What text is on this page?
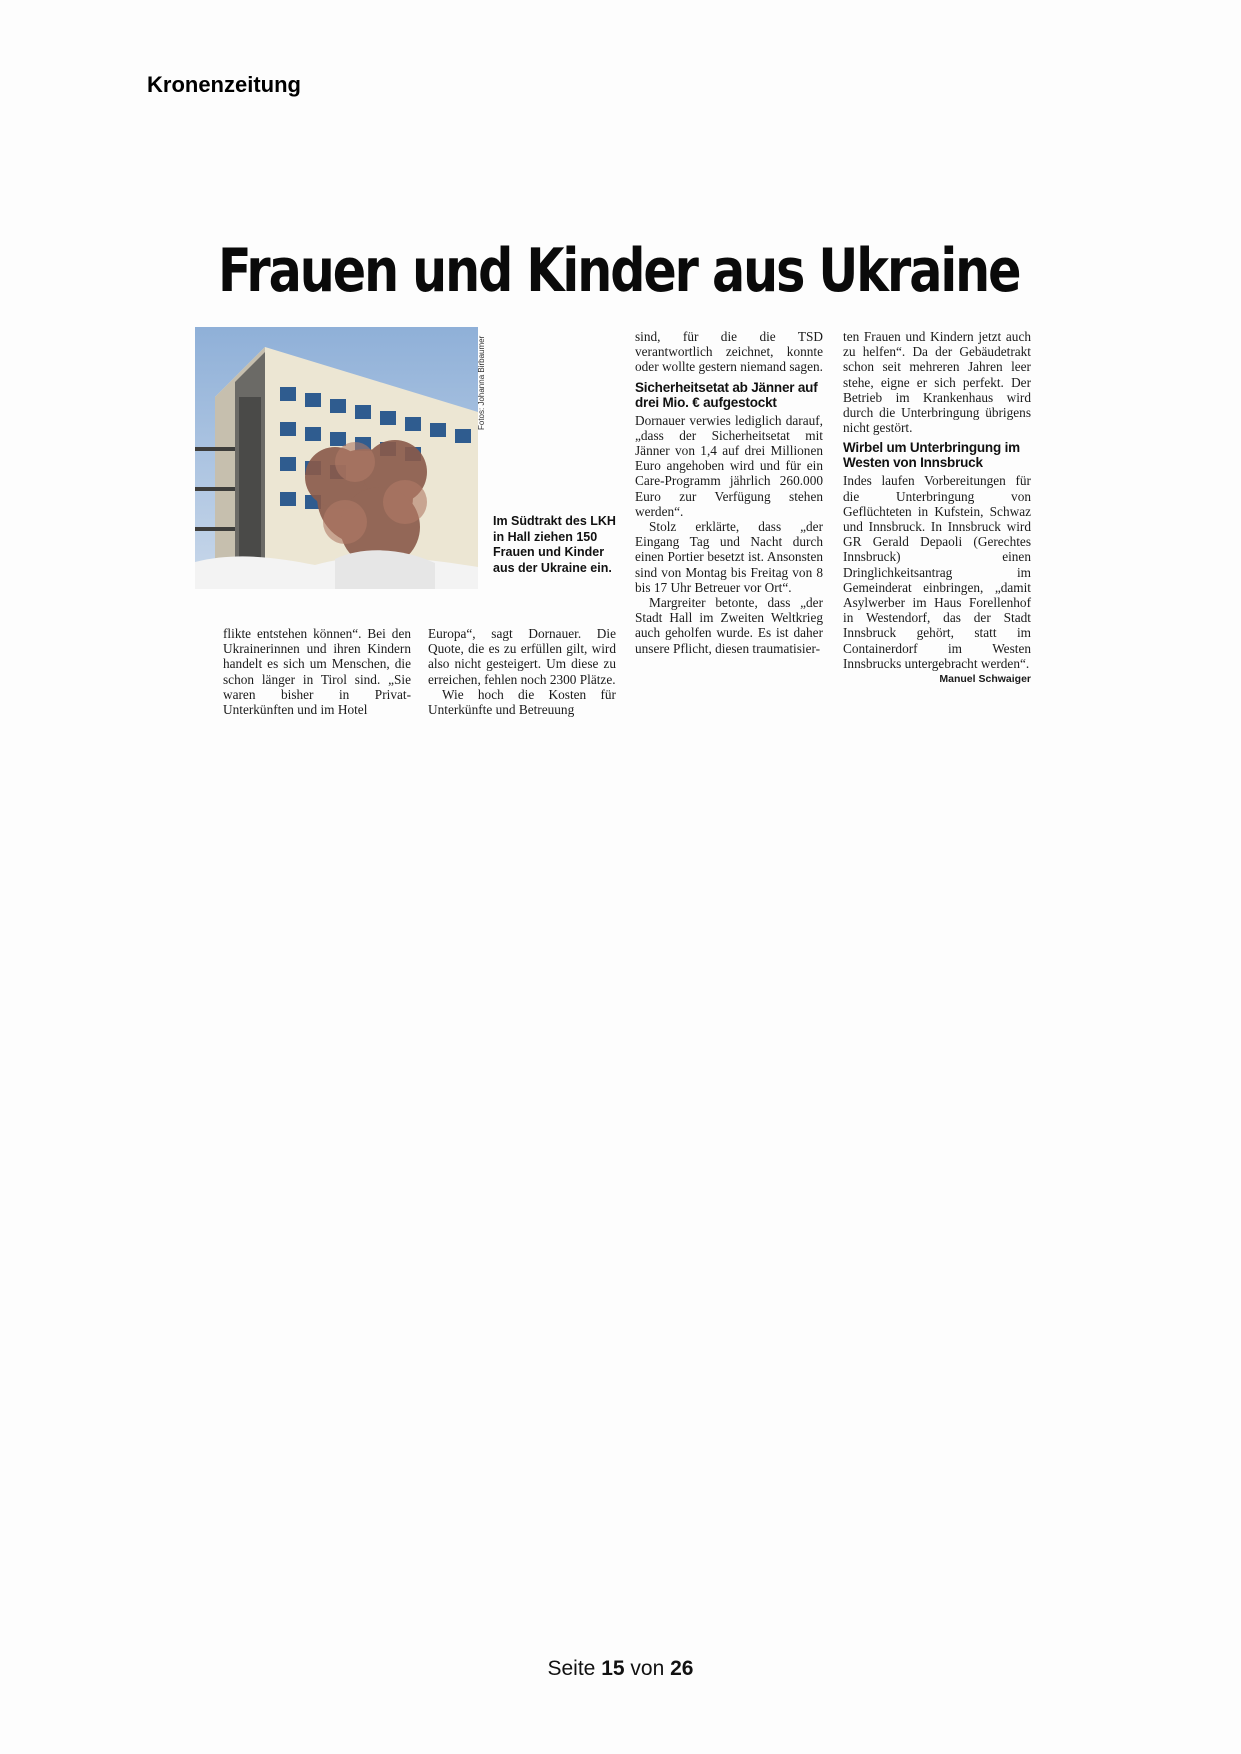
Kronenzeitung
Frauen und Kinder aus Ukraine
Fotos: Johanna Birbaumer
Im Südtrakt des LKH in Hall ziehen 150 Frauen und Kinder aus der Ukraine ein.

flikte entstehen können“. Bei den Ukrainerinnen und ihren Kindern handelt es sich um Menschen, die schon länger in Tirol sind. „Sie waren bisher in Privat-Unterkünften und im Hotel

Europa“, sagt Dornauer. Die Quote, die es zu erfüllen gilt, wird also nicht gesteigert. Um diese zu erreichen, fehlen noch 2300 Plätze.

Wie hoch die Kosten für Unterkünfte und Betreuung

sind, für die die TSD verantwortlich zeichnet, konnte oder wollte gestern niemand sagen.

Sicherheitsetat ab Jänner auf drei Mio. € aufgestockt

Dornauer verwies lediglich darauf, „dass der Sicherheitsetat mit Jänner von 1,4 auf drei Millionen Euro angehoben wird und für ein Care-Programm jährlich 260.000 Euro zur Verfügung stehen werden“.

Stolz erklärte, dass „der Eingang Tag und Nacht durch einen Portier besetzt ist. Ansonsten sind von Montag bis Freitag von 8 bis 17 Uhr Betreuer vor Ort“.

Margreiter betonte, dass „der Stadt Hall im Zweiten Weltkrieg auch geholfen wurde. Es ist daher unsere Pflicht, diesen traumatisier-

ten Frauen und Kindern jetzt auch zu helfen“. Da der Gebäudetrakt schon seit mehreren Jahren leer stehe, eigne er sich perfekt. Der Betrieb im Krankenhaus wird durch die Unterbringung übrigens nicht gestört.

Wirbel um Unterbringung im Westen von Innsbruck

Indes laufen Vorbereitungen für die Unterbringung von Geflüchteten in Kufstein, Schwaz und Innsbruck. In Innsbruck wird GR Gerald Depaoli (Gerechtes Innsbruck) einen Dringlichkeitsantrag im Gemeinderat einbringen, „damit Asylwerber im Haus Forellenhof in Westendorf, das der Stadt Innsbruck gehört, statt im Containerdorf im Westen Innsbrucks untergebracht werden“.
Manuel Schwaiger

Seite 15 von 26
